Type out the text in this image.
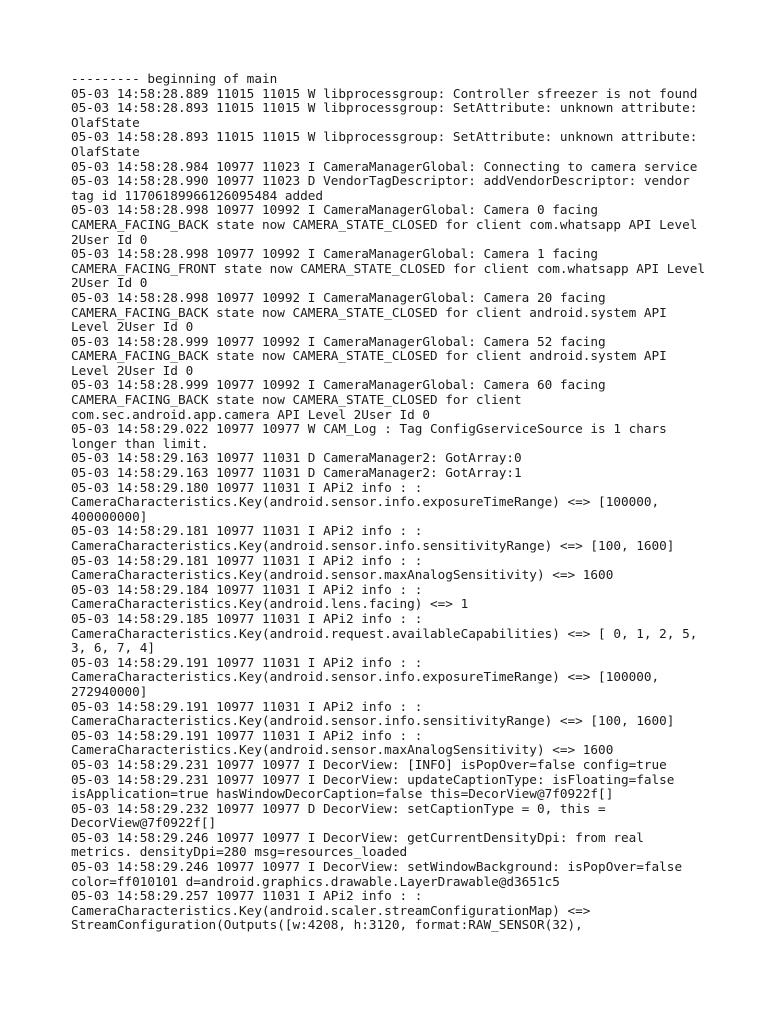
--------- beginning of main
05-03 14:58:28.889 11015 11015 W libprocessgroup: Controller sfreezer is not found
05-03 14:58:28.893 11015 11015 W libprocessgroup: SetAttribute: unknown attribute:
OlafState
05-03 14:58:28.893 11015 11015 W libprocessgroup: SetAttribute: unknown attribute:
OlafState
05-03 14:58:28.984 10977 11023 I CameraManagerGlobal: Connecting to camera service
05-03 14:58:28.990 10977 11023 D VendorTagDescriptor: addVendorDescriptor: vendor
tag id 11706189966126095484 added
05-03 14:58:28.998 10977 10992 I CameraManagerGlobal: Camera 0 facing
CAMERA_FACING_BACK state now CAMERA_STATE_CLOSED for client com.whatsapp API Level
2User Id 0
05-03 14:58:28.998 10977 10992 I CameraManagerGlobal: Camera 1 facing
CAMERA_FACING_FRONT state now CAMERA_STATE_CLOSED for client com.whatsapp API Level
2User Id 0
05-03 14:58:28.998 10977 10992 I CameraManagerGlobal: Camera 20 facing
CAMERA_FACING_BACK state now CAMERA_STATE_CLOSED for client android.system API
Level 2User Id 0
05-03 14:58:28.999 10977 10992 I CameraManagerGlobal: Camera 52 facing
CAMERA_FACING_BACK state now CAMERA_STATE_CLOSED for client android.system API
Level 2User Id 0
05-03 14:58:28.999 10977 10992 I CameraManagerGlobal: Camera 60 facing
CAMERA_FACING_BACK state now CAMERA_STATE_CLOSED for client
com.sec.android.app.camera API Level 2User Id 0
05-03 14:58:29.022 10977 10977 W CAM_Log : Tag ConfigGserviceSource is 1 chars
longer than limit.
05-03 14:58:29.163 10977 11031 D CameraManager2: GotArray:0
05-03 14:58:29.163 10977 11031 D CameraManager2: GotArray:1
05-03 14:58:29.180 10977 11031 I APi2 info : :
CameraCharacteristics.Key(android.sensor.info.exposureTimeRange) <=> [100000,
400000000]
05-03 14:58:29.181 10977 11031 I APi2 info : :
CameraCharacteristics.Key(android.sensor.info.sensitivityRange) <=> [100, 1600]
05-03 14:58:29.181 10977 11031 I APi2 info : :
CameraCharacteristics.Key(android.sensor.maxAnalogSensitivity) <=> 1600
05-03 14:58:29.184 10977 11031 I APi2 info : :
CameraCharacteristics.Key(android.lens.facing) <=> 1
05-03 14:58:29.185 10977 11031 I APi2 info : :
CameraCharacteristics.Key(android.request.availableCapabilities) <=> [ 0, 1, 2, 5,
3, 6, 7, 4]
05-03 14:58:29.191 10977 11031 I APi2 info : :
CameraCharacteristics.Key(android.sensor.info.exposureTimeRange) <=> [100000,
272940000]
05-03 14:58:29.191 10977 11031 I APi2 info : :
CameraCharacteristics.Key(android.sensor.info.sensitivityRange) <=> [100, 1600]
05-03 14:58:29.191 10977 11031 I APi2 info : :
CameraCharacteristics.Key(android.sensor.maxAnalogSensitivity) <=> 1600
05-03 14:58:29.231 10977 10977 I DecorView: [INFO] isPopOver=false config=true
05-03 14:58:29.231 10977 10977 I DecorView: updateCaptionType: isFloating=false
isApplication=true hasWindowDecorCaption=false this=DecorView@7f0922f[]
05-03 14:58:29.232 10977 10977 D DecorView: setCaptionType = 0, this =
DecorView@7f0922f[]
05-03 14:58:29.246 10977 10977 I DecorView: getCurrentDensityDpi: from real
metrics. densityDpi=280 msg=resources_loaded
05-03 14:58:29.246 10977 10977 I DecorView: setWindowBackground: isPopOver=false
color=ff010101 d=android.graphics.drawable.LayerDrawable@d3651c5
05-03 14:58:29.257 10977 11031 I APi2 info : :
CameraCharacteristics.Key(android.scaler.streamConfigurationMap) <=>
StreamConfiguration(Outputs([w:4208, h:3120, format:RAW_SENSOR(32),
